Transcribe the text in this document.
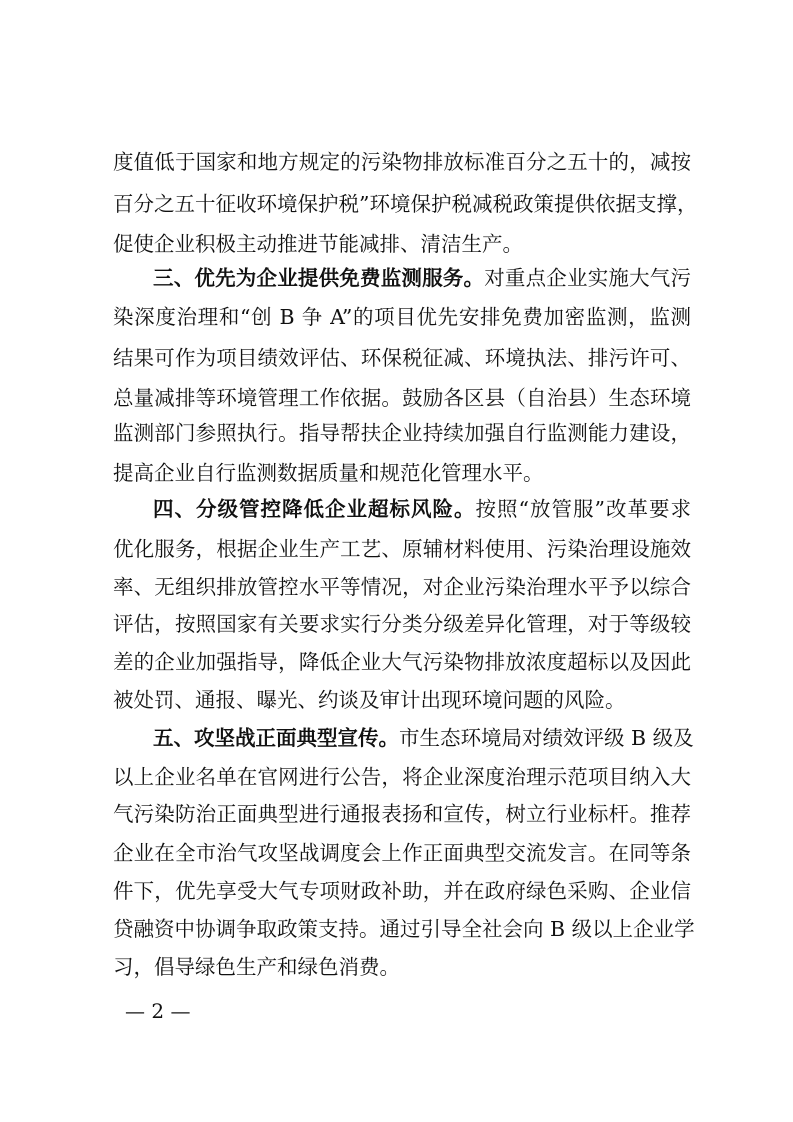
度值低于国家和地方规定的污染物排放标准百分之五十的，减按
百分之五十征收环境保护税”环境保护税减税政策提供依据支撑，
促使企业积极主动推进节能减排、清洁生产。
三、优先为企业提供免费监测服务。对重点企业实施大气污
染深度治理和“创 B 争 A”的项目优先安排免费加密监测，监测
结果可作为项目绩效评估、环保税征减、环境执法、排污许可、
总量减排等环境管理工作依据。鼓励各区县（自治县）生态环境
监测部门参照执行。指导帮扶企业持续加强自行监测能力建设，
提高企业自行监测数据质量和规范化管理水平。
四、分级管控降低企业超标风险。按照“放管服”改革要求
优化服务，根据企业生产工艺、原辅材料使用、污染治理设施效
率、无组织排放管控水平等情况，对企业污染治理水平予以综合
评估，按照国家有关要求实行分类分级差异化管理，对于等级较
差的企业加强指导，降低企业大气污染物排放浓度超标以及因此
被处罚、通报、曝光、约谈及审计出现环境问题的风险。
五、攻坚战正面典型宣传。市生态环境局对绩效评级 B 级及
以上企业名单在官网进行公告，将企业深度治理示范项目纳入大
气污染防治正面典型进行通报表扬和宣传，树立行业标杆。推荐
企业在全市治气攻坚战调度会上作正面典型交流发言。在同等条
件下，优先享受大气专项财政补助，并在政府绿色采购、企业信
贷融资中协调争取政策支持。通过引导全社会向 B 级以上企业学
习，倡导绿色生产和绿色消费。
— 2 —
